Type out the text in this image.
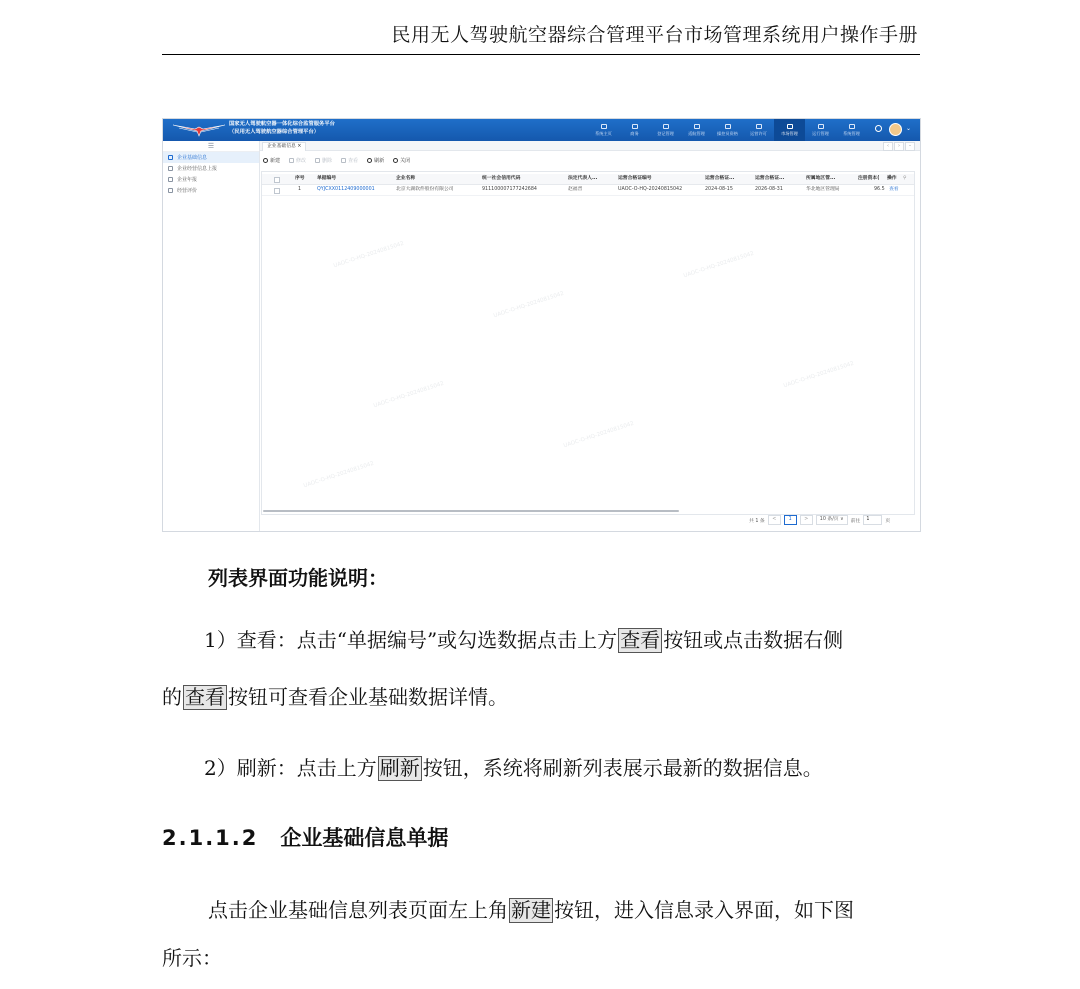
民用无人驾驶航空器综合管理平台市场管理系统用户操作手册
国家无人驾驶航空器一体化综合监管服务平台
（民用无人驾驶航空器综合管理平台）	系统主页	商务	登记管理	适航管理	操控员资格	运营许可	市场管理	运行管理	系统管理
⌄
☰
企业基础信息
企业经营信息上报
企业年报
经营评价
企业基础信息 ×	‹	›	–
新建	修改	删除	查看	刷新	关闭
序号	单据编号	企业名称	统一社会信用代码	法定代表人...	运营合格证编号	运营合格证...	运营合格证...	所属地区管...	注册资本(	操作 ⚲
1	QYJCXX0112409000001	北京大湖软件股份有限公司	911100007177242684	赵福晋	UAOC-O-HQ-20240815042	2024-08-15	2026-08-31	华北地区管理局	96.5 查看
UAOC-O-HQ-20240815042
UAOC-O-HQ-20240815042
UAOC-O-HQ-20240815042
UAOC-O-HQ-20240815042
UAOC-O-HQ-20240815042
UAOC-O-HQ-20240815042
UAOC-O-HQ-20240815042
共 1 条	<	1	>	10 条/页 ∨	前往	1	页
列表界面功能说明：
1）查看：点击“单据编号”或勾选数据点击上方 查看 按钮或点击数据右侧
的 查看 按钮可查看企业基础数据详情。
2）刷新：点击上方 刷新 按钮，系统将刷新列表展示最新的数据信息。
2.1.1.2 企业基础信息单据
点击企业基础信息列表页面左上角 新建 按钮，进入信息录入界面，如下图
所示：
